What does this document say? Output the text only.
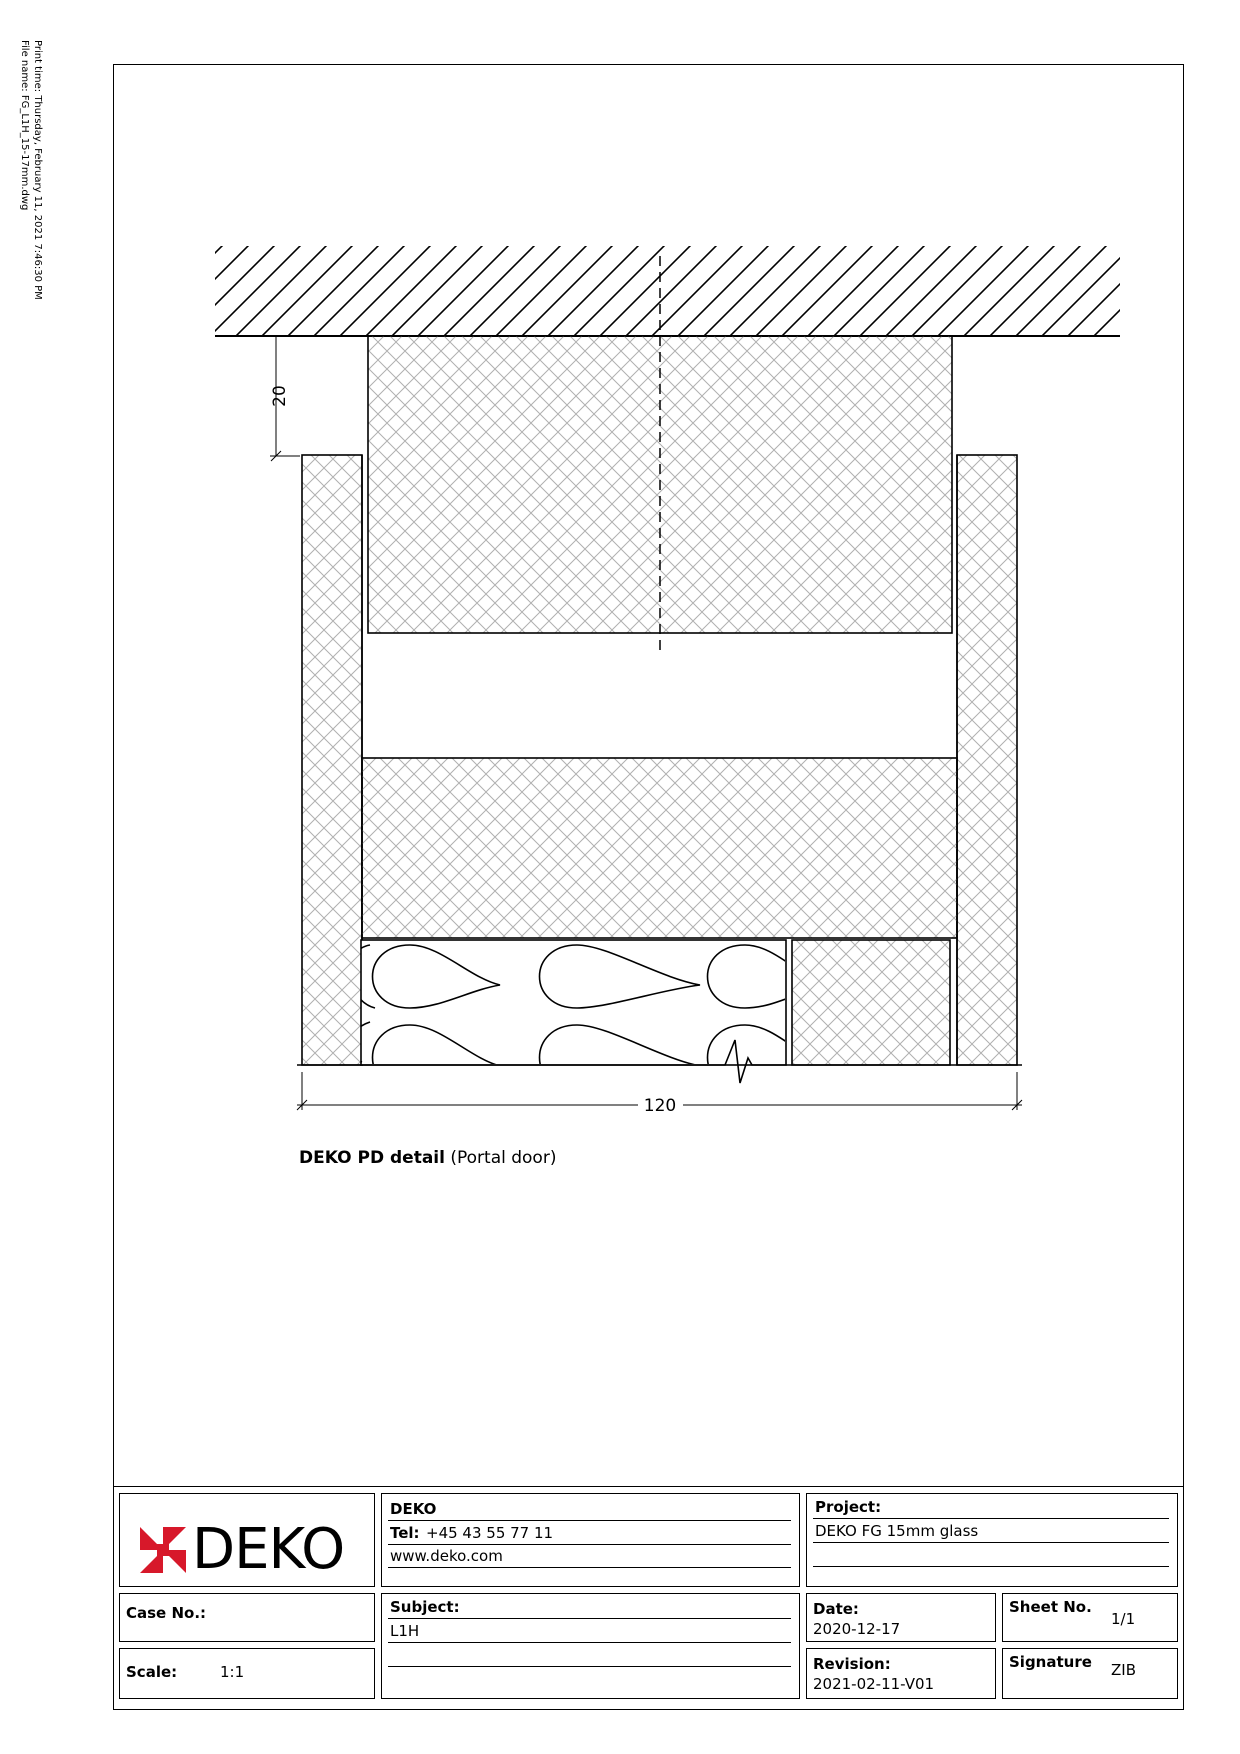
Print time: Thursday, February 11, 2021 7:46:30 PM
File name: FG_L1H_15-17mm.dwg
20
120
DEKO PD detail (Portal door)
DEKO
DEKO
Tel: +45 43 55 77 11
www.deko.com
Project:
DEKO FG 15mm glass
Case No.:
Scale:	1:1
Subject:
L1H
Date:
2020-12-17
Sheet No.
1/1
Revision:
2021-02-11-V01
Signature ZIB
